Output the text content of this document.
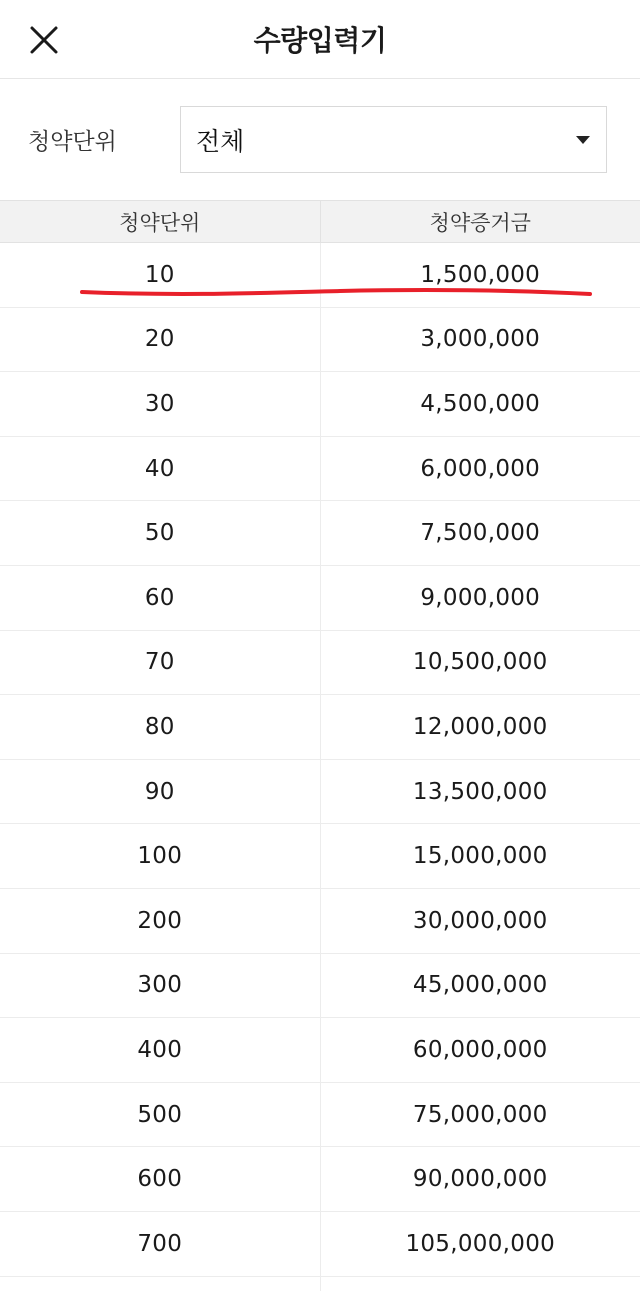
수량입력기
청약단위	전체
청약단위	청약증거금
10	1,500,000
20	3,000,000
30	4,500,000
40	6,000,000
50	7,500,000
60	9,000,000
70	10,500,000
80	12,000,000
90	13,500,000
100	15,000,000
200	30,000,000
300	45,000,000
400	60,000,000
500	75,000,000
600	90,000,000
700	105,000,000
